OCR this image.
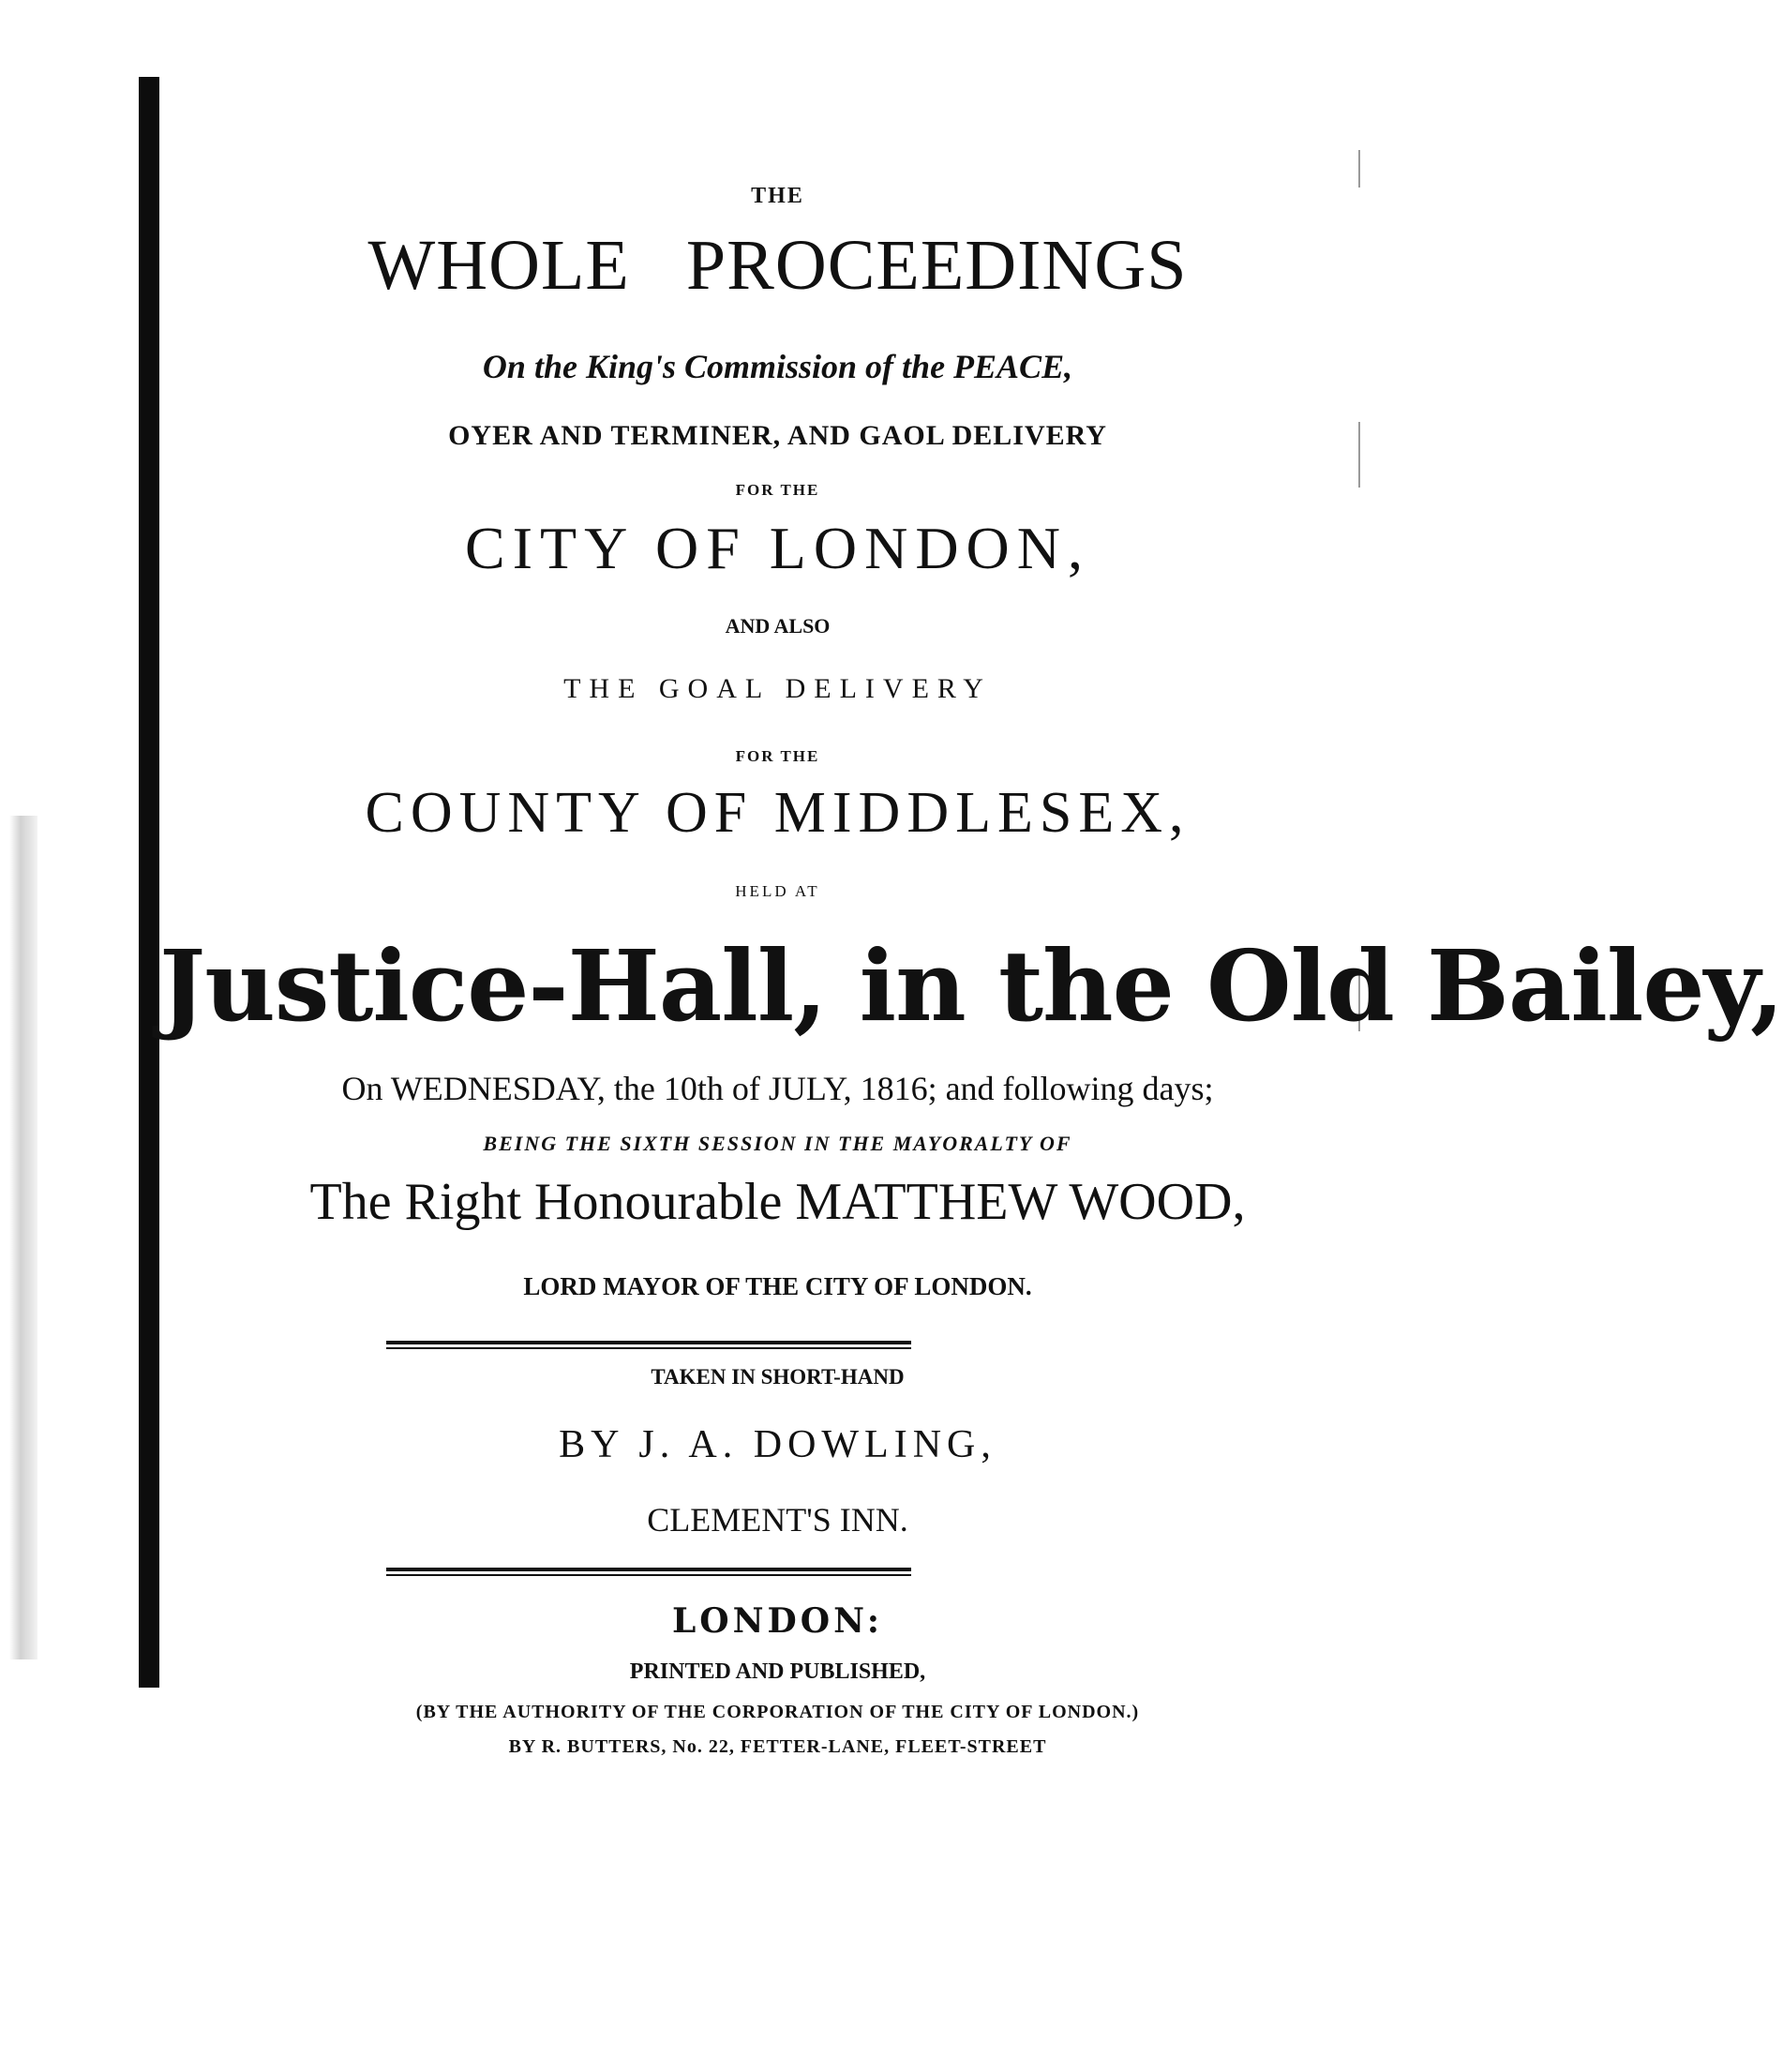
THE
WHOLE PROCEEDINGS
On the King's Commission of the PEACE,
OYER AND TERMINER, AND GAOL DELIVERY
FOR THE
CITY OF LONDON,
AND ALSO
THE GOAL DELIVERY
FOR THE
COUNTY OF MIDDLESEX,
HELD AT
Justice-Hall, in the Old Bailey,
On WEDNESDAY, the 10th of JULY, 1816; and following days;
BEING THE SIXTH SESSION IN THE MAYORALTY OF
The Right Honourable MATTHEW WOOD,
LORD MAYOR OF THE CITY OF LONDON.
TAKEN IN SHORT-HAND
BY J. A. DOWLING,
CLEMENT'S INN.
LONDON:
PRINTED AND PUBLISHED,
(BY THE AUTHORITY OF THE CORPORATION OF THE CITY OF LONDON.)
BY R. BUTTERS, No. 22, FETTER-LANE, FLEET-STREET
